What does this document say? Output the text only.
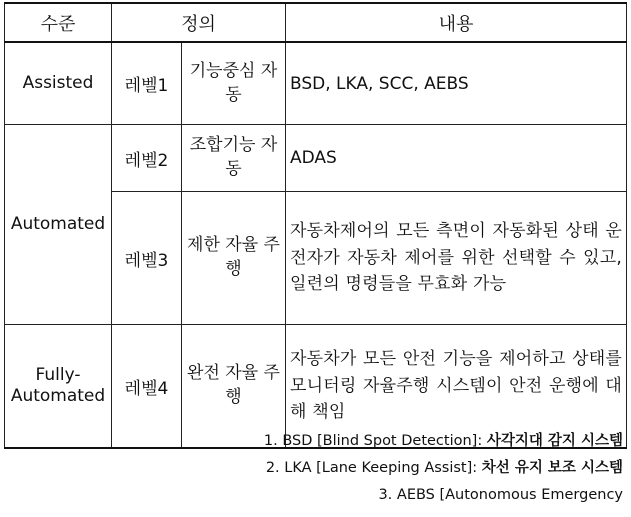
수준	정의		내용
Assisted	레벨1	기능중심 자동	BSD, LKA, SCC, AEBS
Automated	레벨2	조합기능 자동	ADAS
	레벨3	제한 자율 주행	자동차제어의 모든 측면이 자동화된 상태 운전자가 자동차 제어를 위한 선택할 수 있고, 일련의 명령들을 무효화 가능
Fully- Automated	레벨4	완전 자율 주행	자동차가 모든 안전 기능을 제어하고 상태를 모니터링 자율주행 시스템이 안전 운행에 대해 책임
1. BSD [Blind Spot Detection]: 사각지대 감지 시스템
2. LKA [Lane Keeping Assist]: 차선 유지 보조 시스템
3. AEBS [Autonomous Emergency
